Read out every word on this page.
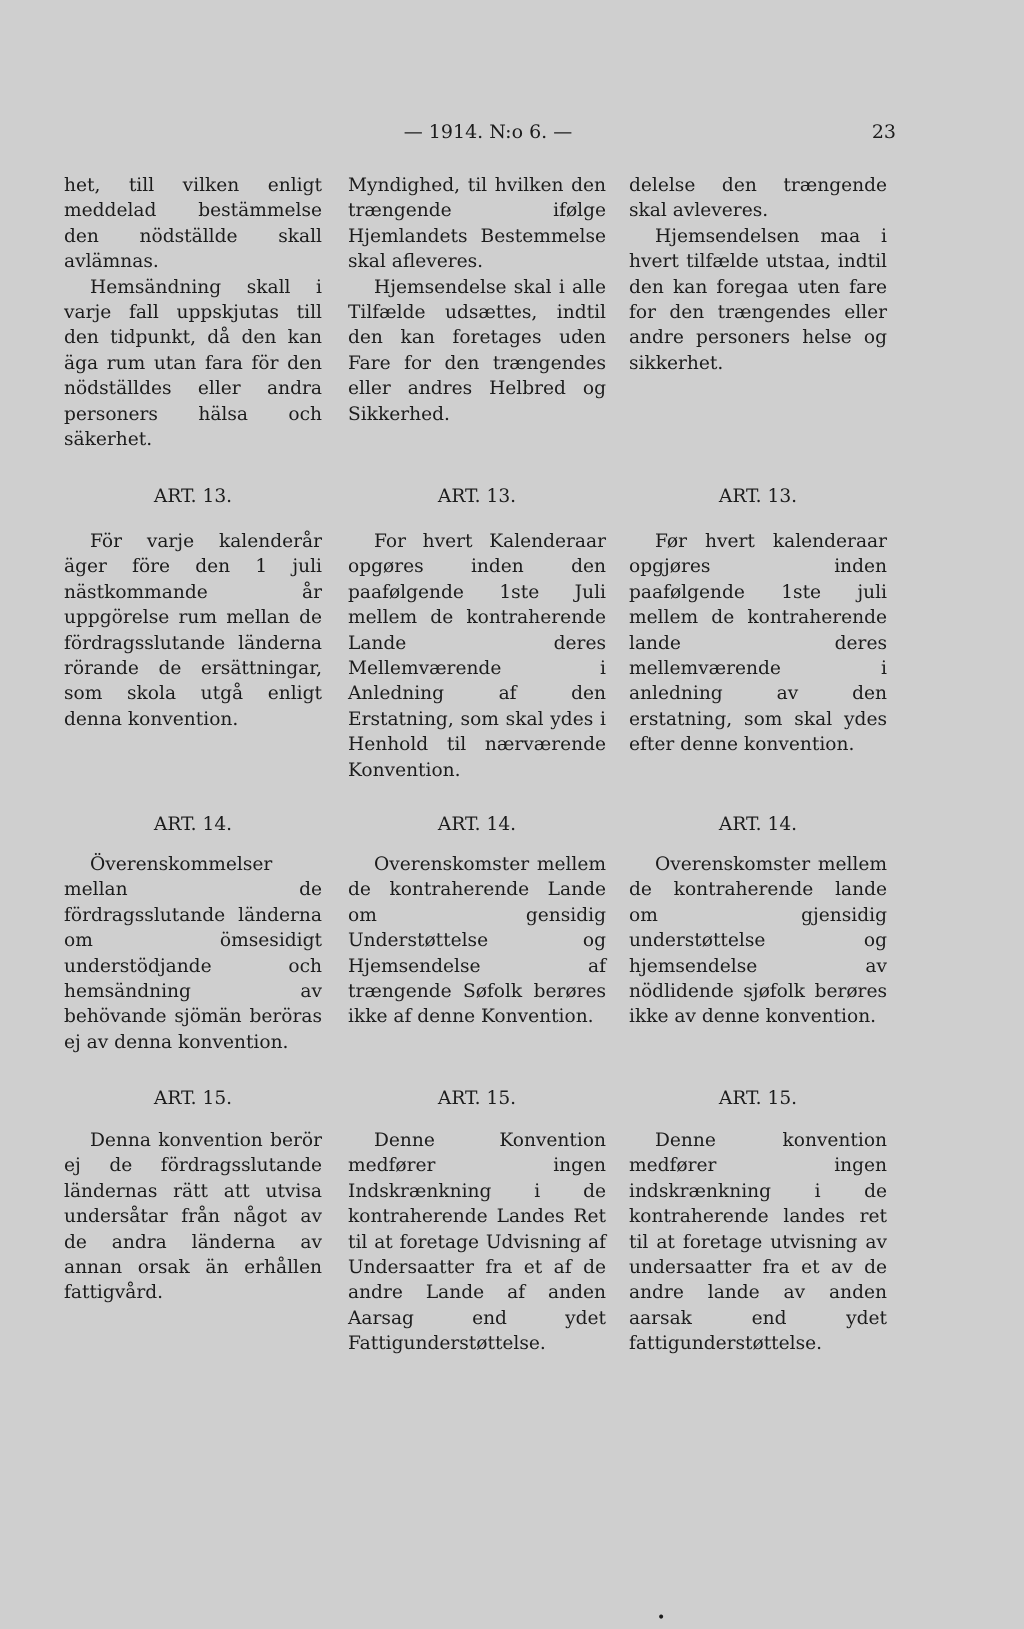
— 1914. N:o 6. —	23

het, till vilken enligt meddelad bestämmelse den nödställde skall avlämnas.

Hemsändning skall i varje fall uppskjutas till den tidpunkt, då den kan äga rum utan fara för den nödställdes eller andra personers hälsa och säkerhet.

Myndighed, til hvilken den trængende ifølge Hjemlandets Bestemmelse skal afleveres.

Hjemsendelse skal i alle Tilfælde udsættes, indtil den kan foretages uden Fare for den trængendes eller andres Helbred og Sikkerhed.

delelse den trængende skal avleveres.

Hjemsendelsen maa i hvert tilfælde utstaa, indtil den kan foregaa uten fare for den trængendes eller andre personers helse og sikkerhet.

ART. 13.	ART. 13.	ART. 13.

För varje kalenderår äger före den 1 juli nästkommande år uppgörelse rum mellan de fördragsslutande länderna rörande de ersättningar, som skola utgå enligt denna konvention.

For hvert Kalenderaar opgøres inden den paafølgende 1ste Juli mellem de kontraherende Lande deres Mellemværende i Anledning af den Erstatning, som skal ydes i Henhold til nærværende Konvention.

Før hvert kalenderaar opgjøres inden paafølgende 1ste juli mellem de kontraherende lande deres mellemværende i anledning av den erstatning, som skal ydes efter denne konvention.

ART. 14.	ART. 14.	ART. 14.

Överenskommelser mellan de fördragsslutande länderna om ömsesidigt understödjande och hemsändning av behövande sjömän beröras ej av denna konvention.

Overenskomster mellem de kontraherende Lande om gensidig Understøttelse og Hjemsendelse af trængende Søfolk berøres ikke af denne Konvention.

Overenskomster mellem de kontraherende lande om gjensidig understøttelse og hjemsendelse av nödlidende sjøfolk berøres ikke av denne konvention.

ART. 15.	ART. 15.	ART. 15.

Denna konvention berör ej de fördragsslutande ländernas rätt att utvisa undersåtar från något av de andra länderna av annan orsak än erhållen fattigvård.

Denne Konvention medfører ingen Indskrænkning i de kontraherende Landes Ret til at foretage Udvisning af Undersaatter fra et af de andre Lande af anden Aarsag end ydet Fattigunderstøttelse.

Denne konvention medfører ingen indskrænkning i de kontraherende landes ret til at foretage utvisning av undersaatter fra et av de andre lande av anden aarsak end ydet fattigunderstøttelse.

•
